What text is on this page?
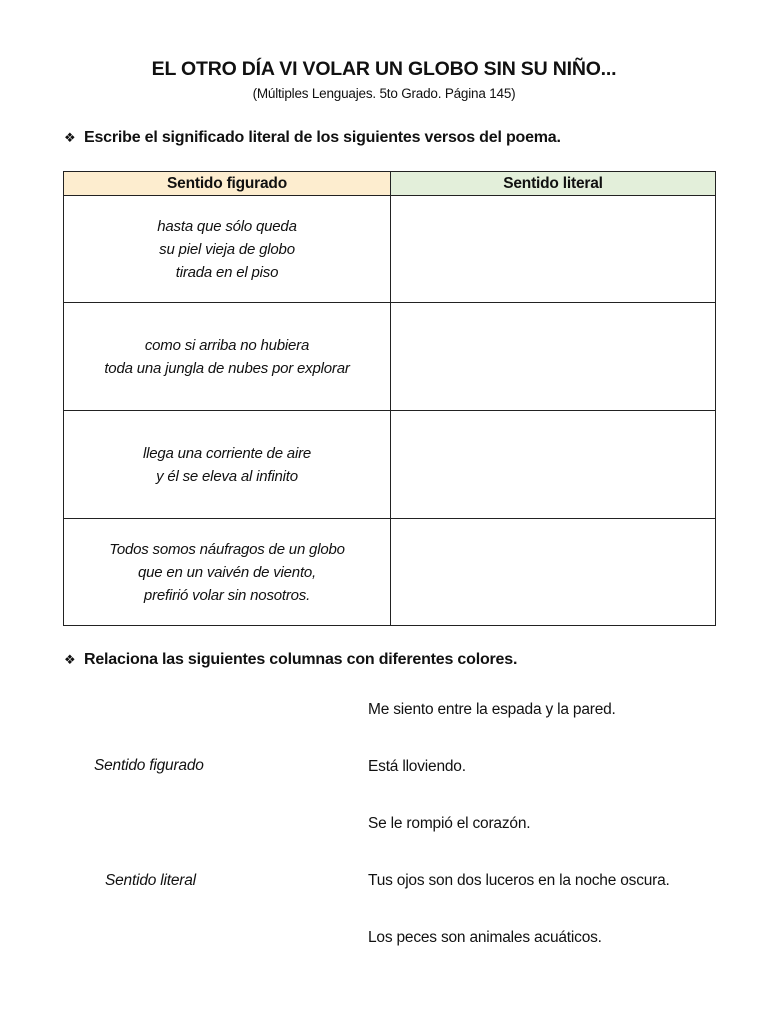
EL OTRO DÍA VI VOLAR UN GLOBO SIN SU NIÑO...
(Múltiples Lenguajes. 5to Grado. Página 145)
❖ Escribe el significado literal de los siguientes versos del poema.
Sentido figurado	Sentido literal

hasta que sólo queda
su piel vieja de globo
tirada en el piso	

como si arriba no hubiera
toda una jungla de nubes por explorar	

llega una corriente de aire
y él se eleva al infinito	

Todos somos náufragos de un globo
que en un vaivén de viento,
prefirió volar sin nosotros.	

❖ Relaciona las siguientes columnas con diferentes colores.
Sentido figurado
Sentido literal
Me siento entre la espada y la pared.
Está lloviendo.
Se le rompió el corazón.
Tus ojos son dos luceros en la noche oscura.
Los peces son animales acuáticos.
